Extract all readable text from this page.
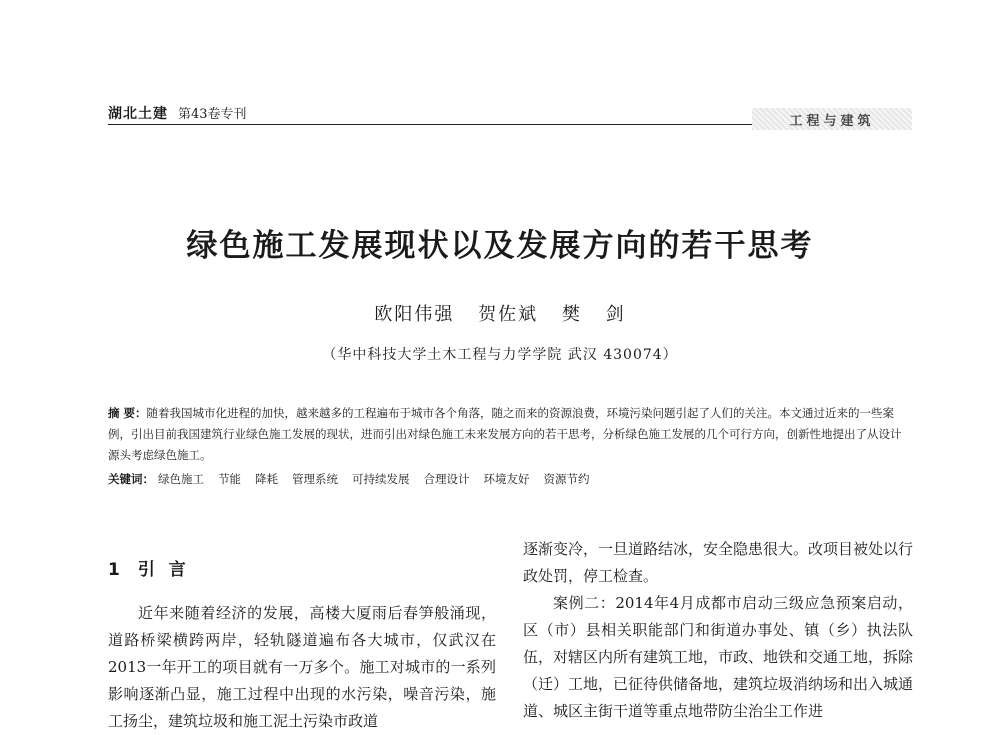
湖北土建 第43卷专刊	工程与建筑
绿色施工发展现状以及发展方向的若干思考
欧阳伟强 贺佐斌 樊 剑
（华中科技大学土木工程与力学学院 武汉 430074）
摘 要：随着我国城市化进程的加快，越来越多的工程遍布于城市各个角落，随之而来的资源浪费，环境污染问题引起了人们的关注。本文通过近来的一些案例，引出目前我国建筑行业绿色施工发展的现状，进而引出对绿色施工未来发展方向的若干思考，分析绿色施工发展的几个可行方向，创新性地提出了从设计源头考虑绿色施工。
关键词： 绿色施工 节能 降耗 管理系统 可持续发展 合理设计 环境友好 资源节约
1 引 言

近年来随着经济的发展，高楼大厦雨后春笋般涌现，道路桥梁横跨两岸，轻轨隧道遍布各大城市，仅武汉在2013一年开工的项目就有一万多个。施工对城市的一系列影响逐渐凸显，施工过程中出现的水污染，噪音污染，施工扬尘，建筑垃圾和施工泥土污染市政道

逐渐变冷，一旦道路结冰，安全隐患很大。改项目被处以行政处罚，停工检查。

案例二：2014年4月成都市启动三级应急预案启动，区（市）县相关职能部门和街道办事处、镇（乡）执法队伍，对辖区内所有建筑工地，市政、地铁和交通工地，拆除（迁）工地，已征待供储备地，建筑垃圾消纳场和出入城通道、城区主街干道等重点地带防尘治尘工作进
